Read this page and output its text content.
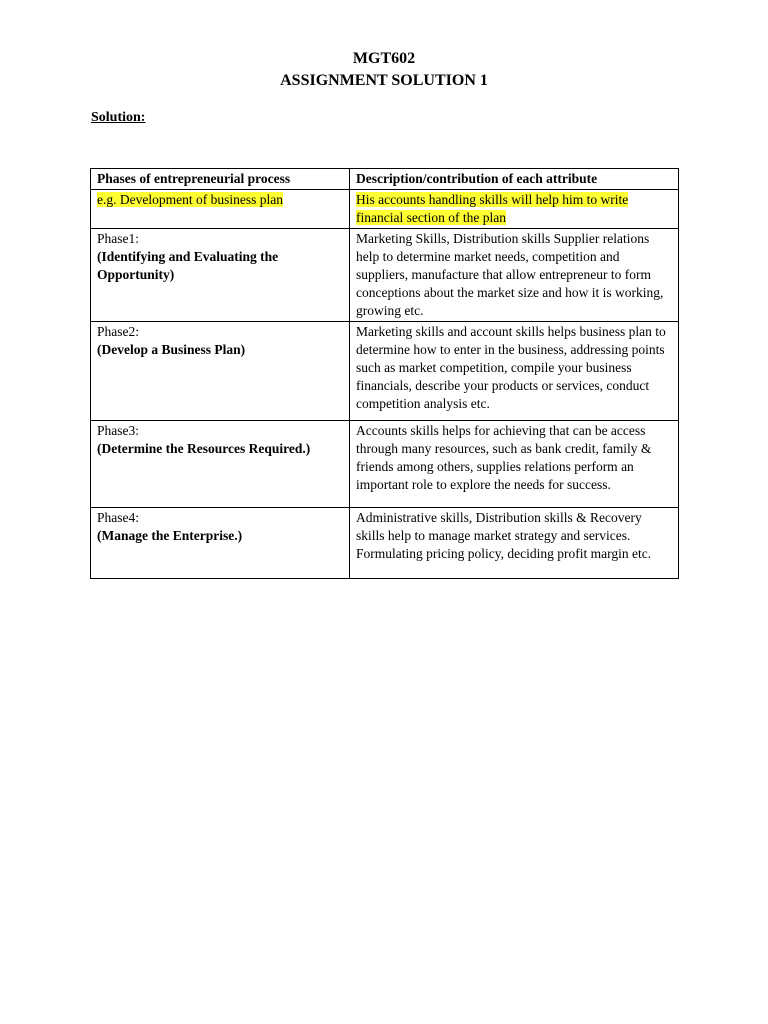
MGT602
ASSIGNMENT SOLUTION 1
Solution:
Phases of entrepreneurial process	Description/contribution of each attribute
e.g. Development of business plan	His accounts handling skills will help him to write financial section of the plan

Phase1:
(Identifying and Evaluating the Opportunity)	Marketing Skills, Distribution skills Supplier relations help to determine market needs, competition and suppliers, manufacture that allow entrepreneur to form conceptions about the market size and how it is working, growing etc.

Phase2:
(Develop a Business Plan)	Marketing skills and account skills helps business plan to determine how to enter in the business, addressing points such as market competition, compile your business financials, describe your products or services, conduct competition analysis etc.

Phase3:
(Determine the Resources Required.)	Accounts skills helps for achieving that can be access through many resources, such as bank credit, family & friends among others, supplies relations perform an important role to explore the needs for success.

Phase4:
(Manage the Enterprise.)	Administrative skills, Distribution skills & Recovery skills help to manage market strategy and services. Formulating pricing policy, deciding profit margin etc.
